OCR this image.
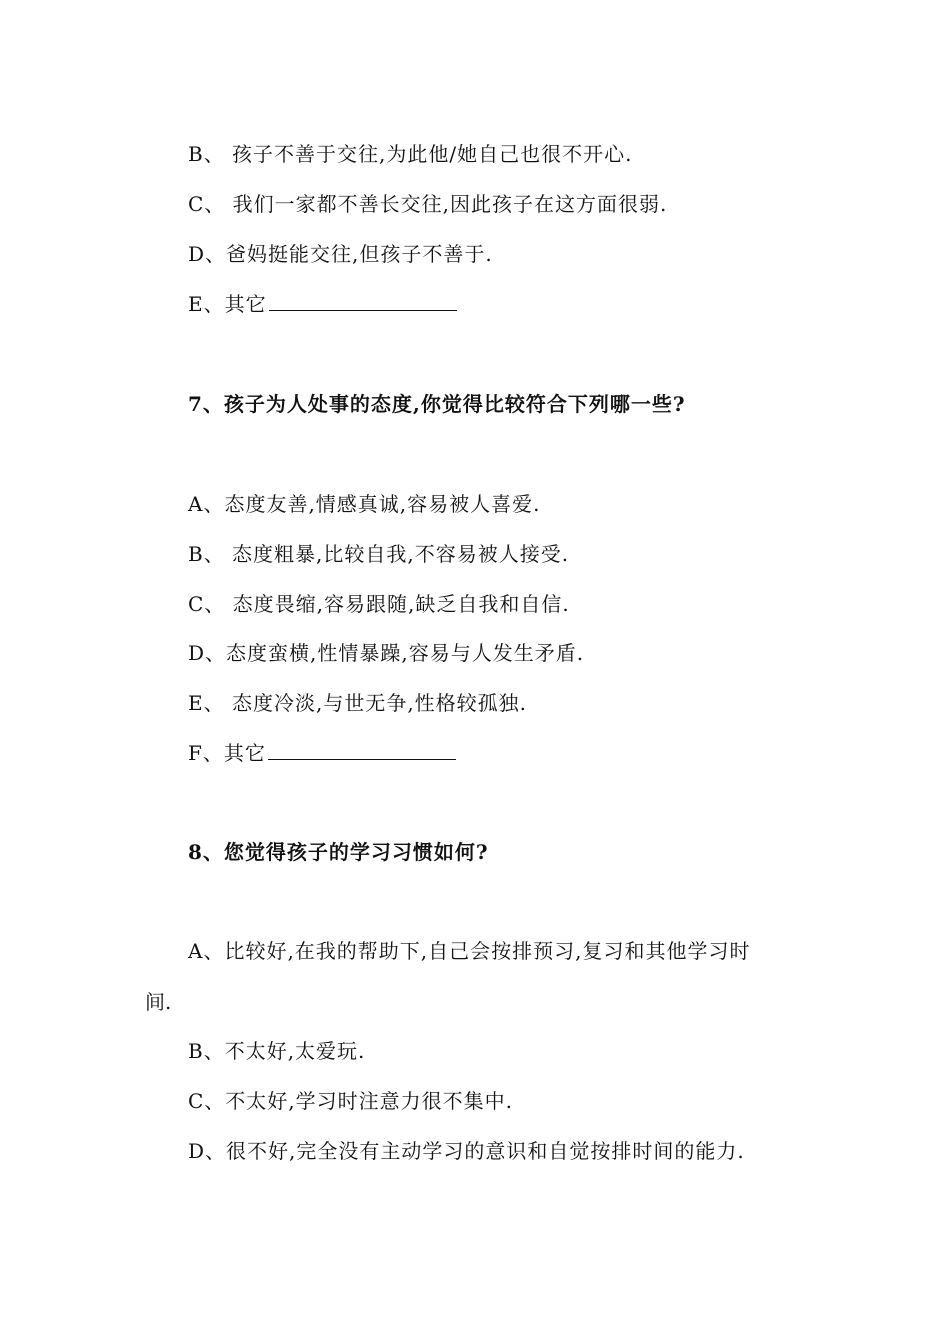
B、 孩子不善于交往,为此他/她自己也很不开心.
C、 我们一家都不善长交往,因此孩子在这方面很弱.
D、爸妈挺能交往,但孩子不善于.
E、其它
7、孩子为人处事的态度,你觉得比较符合下列哪一些?
A、态度友善,情感真诚,容易被人喜爱.
B、 态度粗暴,比较自我,不容易被人接受.
C、 态度畏缩,容易跟随,缺乏自我和自信.
D、态度蛮横,性情暴躁,容易与人发生矛盾.
E、 态度冷淡,与世无争,性格较孤独.
F、其它
8、您觉得孩子的学习习惯如何?
A、比较好,在我的帮助下,自己会按排预习,复习和其他学习时
间.
B、不太好,太爱玩.
C、不太好,学习时注意力很不集中.
D、很不好,完全没有主动学习的意识和自觉按排时间的能力.
